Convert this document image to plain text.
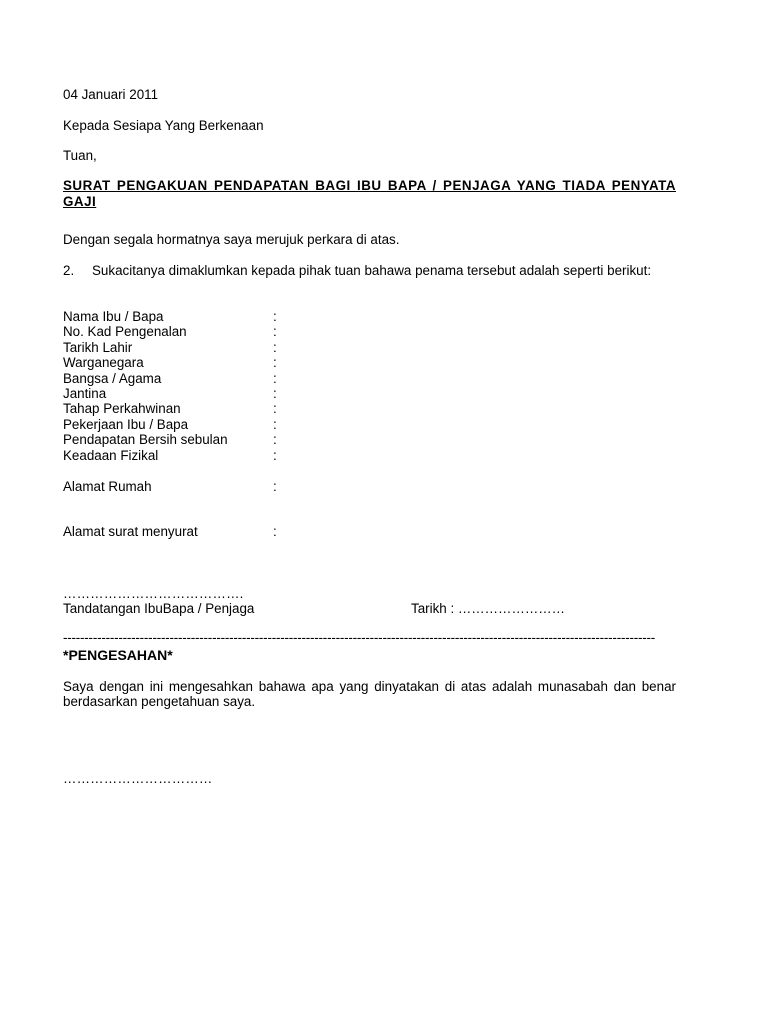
04 Januari 2011
Kepada Sesiapa Yang Berkenaan
Tuan,
SURAT PENGAKUAN PENDAPATAN BAGI IBU BAPA / PENJAGA YANG TIADA PENYATA GAJI
Dengan segala hormatnya saya merujuk perkara di atas.
2. Sukacitanya dimaklumkan kepada pihak tuan bahawa penama tersebut adalah seperti berikut:
Nama Ibu / Bapa	:
No. Kad Pengenalan	:
Tarikh Lahir	:
Warganegara	:
Bangsa / Agama	:
Jantina	:
Tahap Perkahwinan	:
Pekerjaan Ibu / Bapa	:
Pendapatan Bersih sebulan	:
Keadaan Fizikal	:
Alamat Rumah	:
Alamat surat menyurat	:
………………………………….
Tandatangan IbuBapa / Penjaga	Tarikh : ……………………
-------------------------------------------------------------------------------------------------------------------------------------------
*PENGESAHAN*
Saya dengan ini mengesahkan bahawa apa yang dinyatakan di atas adalah munasabah dan benar berdasarkan pengetahuan saya.
……………………………
